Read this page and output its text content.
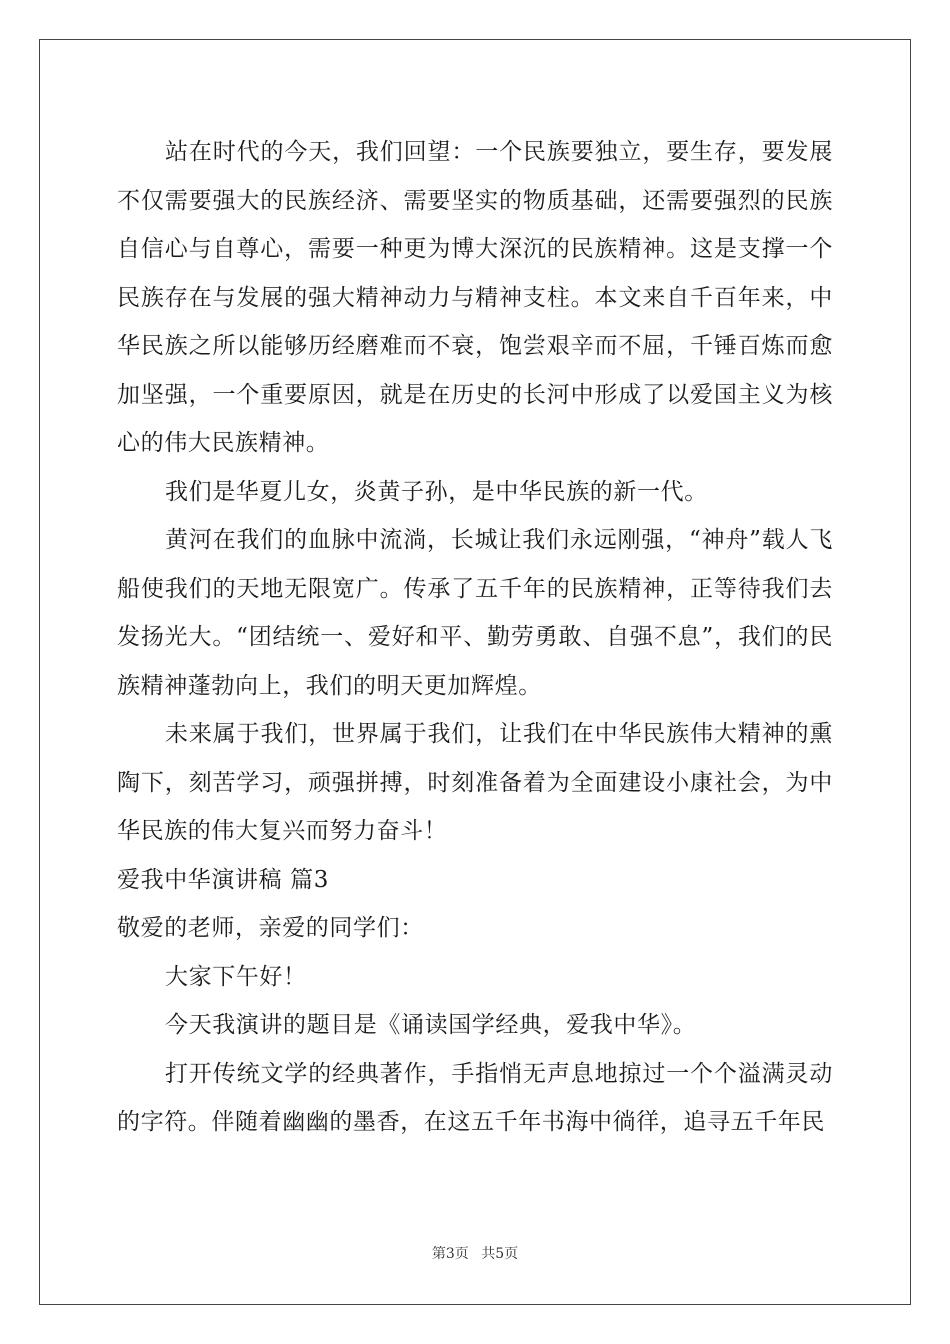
站在时代的今天，我们回望：一个民族要独立，要生存，要发展不仅需要强大的民族经济、需要坚实的物质基础，还需要强烈的民族自信心与自尊心，需要一种更为博大深沉的民族精神。这是支撑一个民族存在与发展的强大精神动力与精神支柱。本文来自千百年来，中华民族之所以能够历经磨难而不衰，饱尝艰辛而不屈，千锤百炼而愈加坚强，一个重要原因，就是在历史的长河中形成了以爱国主义为核心的伟大民族精神。

我们是华夏儿女，炎黄子孙，是中华民族的新一代。

黄河在我们的血脉中流淌，长城让我们永远刚强，“神舟”载人飞船使我们的天地无限宽广。传承了五千年的民族精神，正等待我们去发扬光大。“团结统一、爱好和平、勤劳勇敢、自强不息”，我们的民族精神蓬勃向上，我们的明天更加辉煌。

未来属于我们，世界属于我们，让我们在中华民族伟大精神的熏陶下，刻苦学习，顽强拼搏，时刻准备着为全面建设小康社会，为中华民族的伟大复兴而努力奋斗！

爱我中华演讲稿 篇3

敬爱的老师，亲爱的同学们：

大家下午好！

今天我演讲的题目是《诵读国学经典，爱我中华》。

打开传统文学的经典著作，手指悄无声息地掠过一个个溢满灵动的字符。伴随着幽幽的墨香，在这五千年书海中徜徉，追寻五千年民

第3页 共5页
